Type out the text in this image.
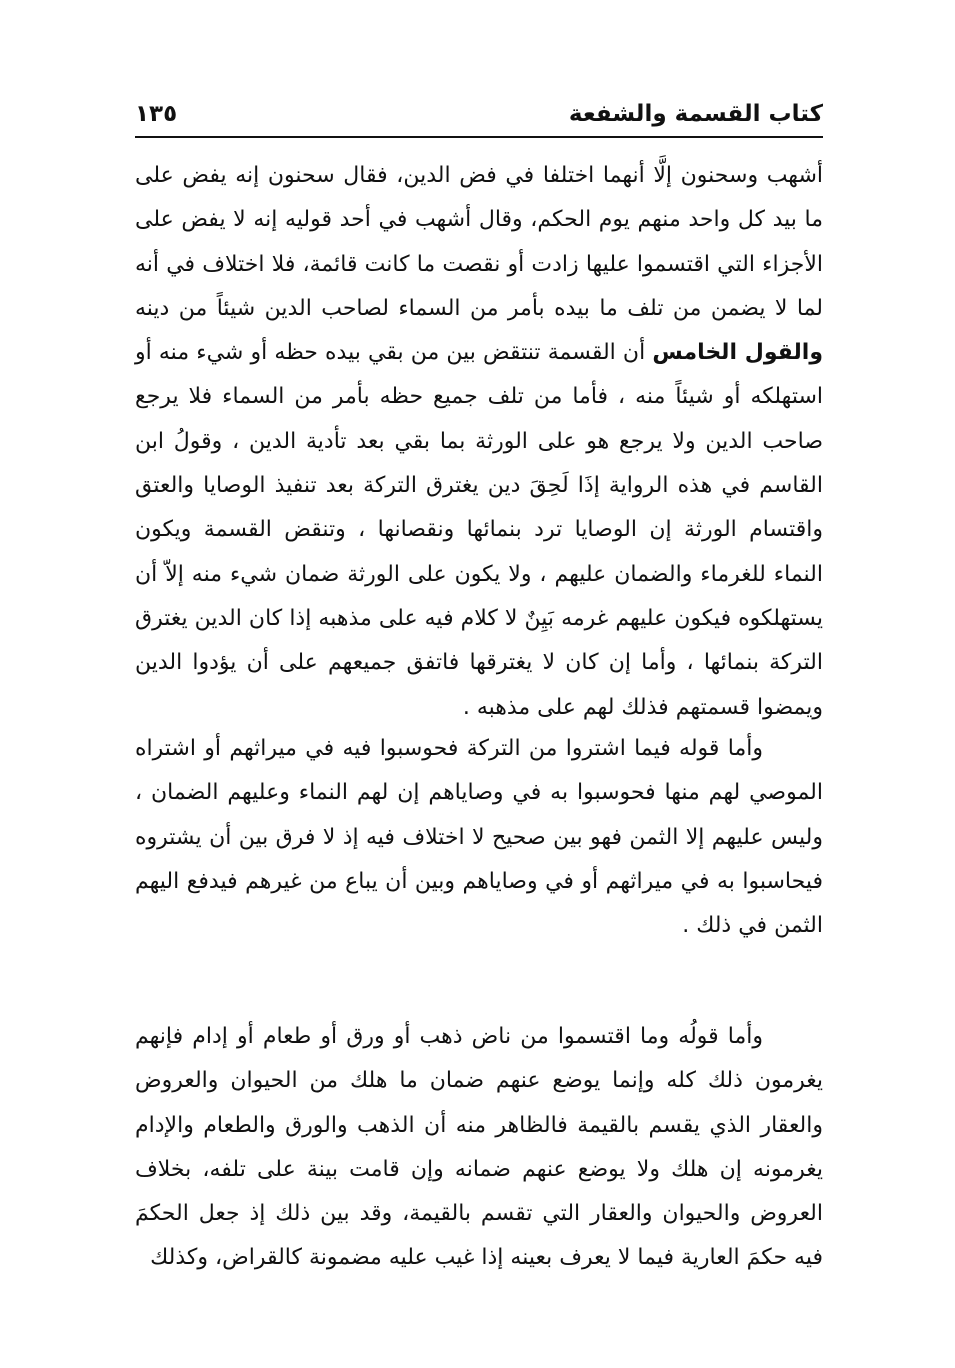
كتاب القسمة والشفعة
١٣٥

أشهب وسحنون إلَّا أنهما اختلفا في فض الدين، فقال سحنون إنه يفض على ما بيد كل واحد منهم يوم الحكم، وقال أشهب في أحد قوليه إنه لا يفض على الأجزاء التي اقتسموا عليها زادت أو نقصت ما كانت قائمة، فلا اختلاف في أنه لما لا يضمن من تلف ما بيده بأمر من السماء لصاحب الدين شيئاً من دينه والقول الخامس أن القسمة تنتقض بين من بقي بيده حظه أو شيء منه أو استهلكه أو شيئاً منه ، فأما من تلف جميع حظه بأمر من السماء فلا يرجع صاحب الدين ولا يرجع هو على الورثة بما بقي بعد تأدية الدين ، وقولُ ابن القاسم في هذه الرواية إذَا لَحِقَ دين يغترق التركة بعد تنفيذ الوصايا والعتق واقتسام الورثة إن الوصايا ترد بنمائها ونقصانها ، وتنقض القسمة ويكون النماء للغرماء والضمان عليهم ، ولا يكون على الورثة ضمان شيء منه إلاّ أن يستهلكوه فيكون عليهم غرمه بَيِنٌ لا كلام فيه على مذهبه إذا كان الدين يغترق التركة بنمائها ، وأما إن كان لا يغترقها فاتفق جميعهم على أن يؤدوا الدين ويمضوا قسمتهم فذلك لهم على مذهبه .

وأما قوله فيما اشتروا من التركة فحوسبوا فيه في ميراثهم أو اشتراه الموصي لهم منها فحوسبوا به في وصاياهم إن لهم النماء وعليهم الضمان ، وليس عليهم إلا الثمن فهو بين صحيح لا اختلاف فيه إذ لا فرق بين أن يشتروه فيحاسبوا به في ميراثهم أو في وصاياهم وبين أن يباع من غيرهم فيدفع اليهم الثمن في ذلك .

وأما قولُه وما اقتسموا من ناض ذهب أو ورق أو طعام أو إدام فإنهم يغرمون ذلك كله وإنما يوضع عنهم ضمان ما هلك من الحيوان والعروض والعقار الذي يقسم بالقيمة فالظاهر منه أن الذهب والورق والطعام والإدام يغرمونه إن هلك ولا يوضع عنهم ضمانه وإن قامت بينة على تلفه، بخلاف العروض والحيوان والعقار التي تقسم بالقيمة، وقد بين ذلك إذ جعل الحكمَ فيه حكمَ العارية فيما لا يعرف بعينه إذا غيب عليه مضمونة كالقراض، وكذلك
